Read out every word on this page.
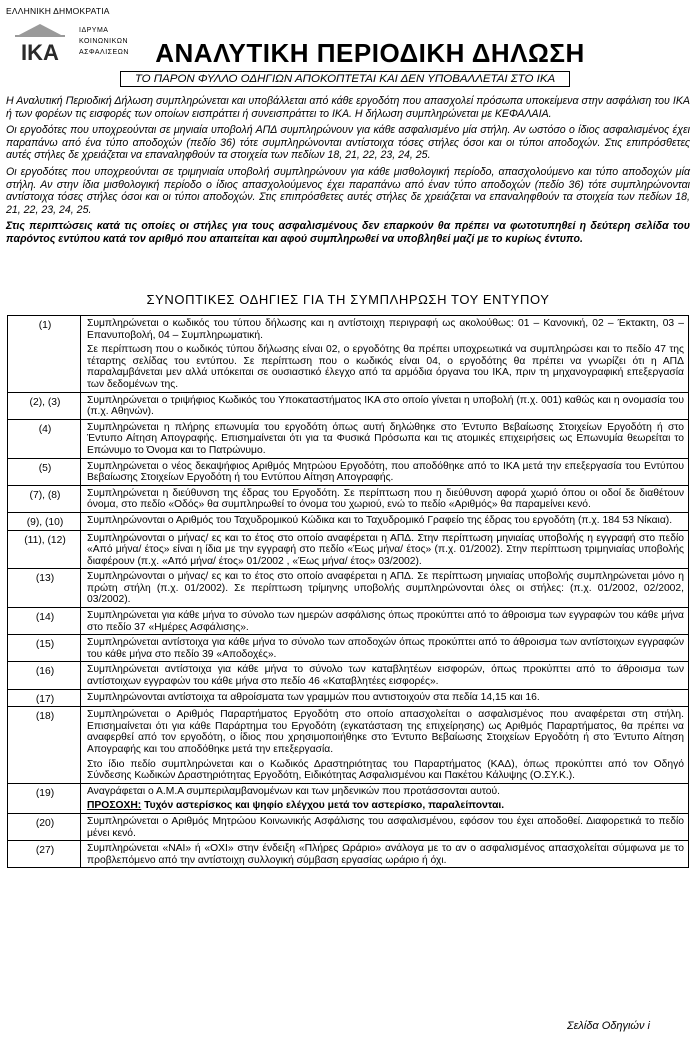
ΕΛΛΗΝΙΚΗ ΔΗΜΟΚΡΑΤΙΑ
ΙΚΑ
ΙΔΡΥΜΑ
ΚΟΙΝΩΝΙΚΩΝ
ΑΣΦΑΛΙΣΕΩΝ ΑΝΑΛΥΤΙΚΗ ΠΕΡΙΟΔΙΚΗ ΔΗΛΩΣΗ
ΤΟ ΠΑΡΟΝ ΦΥΛΛΟ ΟΔΗΓΙΩΝ ΑΠΟΚΟΠΤΕΤΑΙ ΚΑΙ ΔΕΝ ΥΠΟΒΑΛΛΕΤΑΙ ΣΤΟ ΙΚΑ

Η Αναλυτική Περιοδική Δήλωση συμπληρώνεται και υποβάλλεται από κάθε εργοδότη που απασχολεί πρόσωπα υποκείμενα στην ασφάλιση του ΙΚΑ ή των φορέων τις εισφορές των οποίων εισπράττει ή συνεισπράττει το ΙΚΑ. Η δήλωση συμπληρώνεται με ΚΕΦΑΛΑΙΑ.

Οι εργοδότες που υποχρεούνται σε μηνιαία υποβολή ΑΠΔ συμπληρώνουν για κάθε ασφαλισμένο μία στήλη. Αν ωστόσο ο ίδιος ασφαλισμένος έχει παραπάνω από ένα τύπο αποδοχών (πεδίο 36) τότε συμπληρώνονται αντίστοιχα τόσες στήλες όσοι και οι τύποι αποδοχών. Στις επιπρόσθετες αυτές στήλες δε χρειάζεται να επαναληφθούν τα στοιχεία των πεδίων 18, 21, 22, 23, 24, 25.

Οι εργοδότες που υποχρεούνται σε τριμηνιαία υποβολή συμπληρώνουν για κάθε μισθολογική περίοδο, απασχολούμενο και τύπο αποδοχών μία στήλη. Αν στην ίδια μισθολογική περίοδο ο ίδιος απασχολούμενος έχει παραπάνω από έναν τύπο αποδοχών (πεδίο 36) τότε συμπληρώνονται αντίστοιχα τόσες στήλες όσοι και οι τύποι αποδοχών. Στις επιπρόσθετες αυτές στήλες δε χρειάζεται να επαναληφθούν τα στοιχεία των πεδίων 18, 21, 22, 23, 24, 25.

Στις περιπτώσεις κατά τις οποίες οι στήλες για τους ασφαλισμένους δεν επαρκούν θα πρέπει να φωτοτυπηθεί η δεύτερη σελίδα του παρόντος εντύπου κατά τον αριθμό που απαιτείται και αφού συμπληρωθεί να υποβληθεί μαζί με το κυρίως έντυπο.

ΣΥΝΟΠΤΙΚΕΣ ΟΔΗΓΙΕΣ ΓΙΑ ΤΗ ΣΥΜΠΛΗΡΩΣΗ ΤΟΥ ΕΝΤΥΠΟΥ
(1)	Συμπληρώνεται ο κωδικός του τύπου δήλωσης και η αντίστοιχη περιγραφή ως ακολούθως: 01 – Κανονική, 02 – Έκτακτη, 03 – Επανυποβολή, 04 – Συμπληρωματική.

Σε περίπτωση που ο κωδικός τύπου δήλωσης είναι 02, ο εργοδότης θα πρέπει υποχρεωτικά να συμπληρώσει και το πεδίο 47 της τέταρτης σελίδας του εντύπου. Σε περίπτωση που ο κωδικός είναι 04, ο εργοδότης θα πρέπει να γνωρίζει ότι η ΑΠΔ παραλαμβάνεται μεν αλλά υπόκειται σε ουσιαστικό έλεγχο από τα αρμόδια όργανα του ΙΚΑ, πριν τη μηχανογραφική επεξεργασία των δεδομένων της.

(2), (3)	Συμπληρώνεται ο τριψήφιος Κωδικός του Υποκαταστήματος ΙΚΑ στο οποίο γίνεται η υποβολή (π.χ. 001) καθώς και η ονομασία του (π.χ. Αθηνών).

(4)	Συμπληρώνεται η πλήρης επωνυμία του εργοδότη όπως αυτή δηλώθηκε στο Έντυπο Βεβαίωσης Στοιχείων Εργοδότη ή στο Έντυπο Αίτηση Απογραφής. Επισημαίνεται ότι για τα Φυσικά Πρόσωπα και τις ατομικές επιχειρήσεις ως Επωνυμία θεωρείται το Επώνυμο το Όνομα και το Πατρώνυμο.

(5)	Συμπληρώνεται ο νέος δεκαψήφιος Αριθμός Μητρώου Εργοδότη, που αποδόθηκε από το ΙΚΑ μετά την επεξεργασία του Εντύπου Βεβαίωσης Στοιχείων Εργοδότη ή του Εντύπου Αίτηση Απογραφής.

(7), (8)	Συμπληρώνεται η διεύθυνση της έδρας του Εργοδότη. Σε περίπτωση που η διεύθυνση αφορά χωριό όπου οι οδοί δε διαθέτουν όνομα, στο πεδίο «Οδός» θα συμπληρωθεί το όνομα του χωριού, ενώ το πεδίο «Αριθμός» θα παραμείνει κενό.

(9), (10)	Συμπληρώνονται ο Αριθμός του Ταχυδρομικού Κώδικα και το Ταχυδρομικό Γραφείο της έδρας του εργοδότη (π.χ. 184 53 Νίκαια).

(11), (12)	Συμπληρώνονται ο μήνας/ ες και το έτος στο οποίο αναφέρεται η ΑΠΔ. Στην περίπτωση μηνιαίας υποβολής η εγγραφή στο πεδίο «Από μήνα/ έτος» είναι η ίδια με την εγγραφή στο πεδίο «Έως μήνα/ έτος» (π.χ. 01/2002). Στην περίπτωση τριμηνιαίας υποβολής διαφέρουν (π.χ. «Από μήνα/ έτος» 01/2002 , «Έως μήνα/ έτος» 03/2002).

(13)	Συμπληρώνονται ο μήνας/ ες και το έτος στο οποίο αναφέρεται η ΑΠΔ. Σε περίπτωση μηνιαίας υποβολής συμπληρώνεται μόνο η πρώτη στήλη (π.χ. 01/2002). Σε περίπτωση τρίμηνης υποβολής συμπληρώνονται όλες οι στήλες: (π.χ. 01/2002, 02/2002, 03/2002).

(14)	Συμπληρώνεται για κάθε μήνα το σύνολο των ημερών ασφάλισης όπως προκύπτει από το άθροισμα των εγγραφών του κάθε μήνα στο πεδίο 37 «Ημέρες Ασφάλισης».

(15)	Συμπληρώνεται αντίστοιχα για κάθε μήνα το σύνολο των αποδοχών όπως προκύπτει από το άθροισμα των αντίστοιχων εγγραφών του κάθε μήνα στο πεδίο 39 «Αποδοχές».

(16)	Συμπληρώνεται αντίστοιχα για κάθε μήνα το σύνολο των καταβλητέων εισφορών, όπως προκύπτει από το άθροισμα των αντίστοιχων εγγραφών του κάθε μήνα στο πεδίο 46 «Καταβλητέες εισφορές».

(17)	Συμπληρώνονται αντίστοιχα τα αθροίσματα των γραμμών που αντιστοιχούν στα πεδία 14,15 και 16.

(18)	Συμπληρώνεται ο Αριθμός Παραρτήματος Εργοδότη στο οποίο απασχολείται ο ασφαλισμένος που αναφέρεται στη στήλη. Επισημαίνεται ότι για κάθε Παράρτημα του Εργοδότη (εγκατάσταση της επιχείρησης) ως Αριθμός Παραρτήματος, θα πρέπει να αναφερθεί από τον εργοδότη, ο ίδιος που χρησιμοποιήθηκε στο Έντυπο Βεβαίωσης Στοιχείων Εργοδότη ή στο Έντυπο Αίτηση Απογραφής και του αποδόθηκε μετά την επεξεργασία.

Στο ίδιο πεδίο συμπληρώνεται και ο Κωδικός Δραστηριότητας του Παραρτήματος (ΚΑΔ), όπως προκύπτει από τον Οδηγό Σύνδεσης Κωδικών Δραστηριότητας Εργοδότη, Ειδικότητας Ασφαλισμένου και Πακέτου Κάλυψης (Ο.ΣΥ.Κ.).

(19)	Αναγράφεται ο Α.Μ.Α συμπεριλαμβανομένων και των μηδενικών που προτάσσονται αυτού.

ΠΡΟΣΟΧΗ: Τυχόν αστερίσκος και ψηφίο ελέγχου μετά τον αστερίσκο, παραλείπονται.

(20)	Συμπληρώνεται ο Αριθμός Μητρώου Κοινωνικής Ασφάλισης του ασφαλισμένου, εφόσον του έχει αποδοθεί. Διαφορετικά το πεδίο μένει κενό.

(27)	Συμπληρώνεται «ΝΑΙ» ή «ΟΧΙ» στην ένδειξη «Πλήρες Ωράριο» ανάλογα με το αν ο ασφαλισμένος απασχολείται σύμφωνα με το προβλεπόμενο από την αντίστοιχη συλλογική σύμβαση εργασίας ωράριο ή όχι.

Σελίδα Οδηγιών i
